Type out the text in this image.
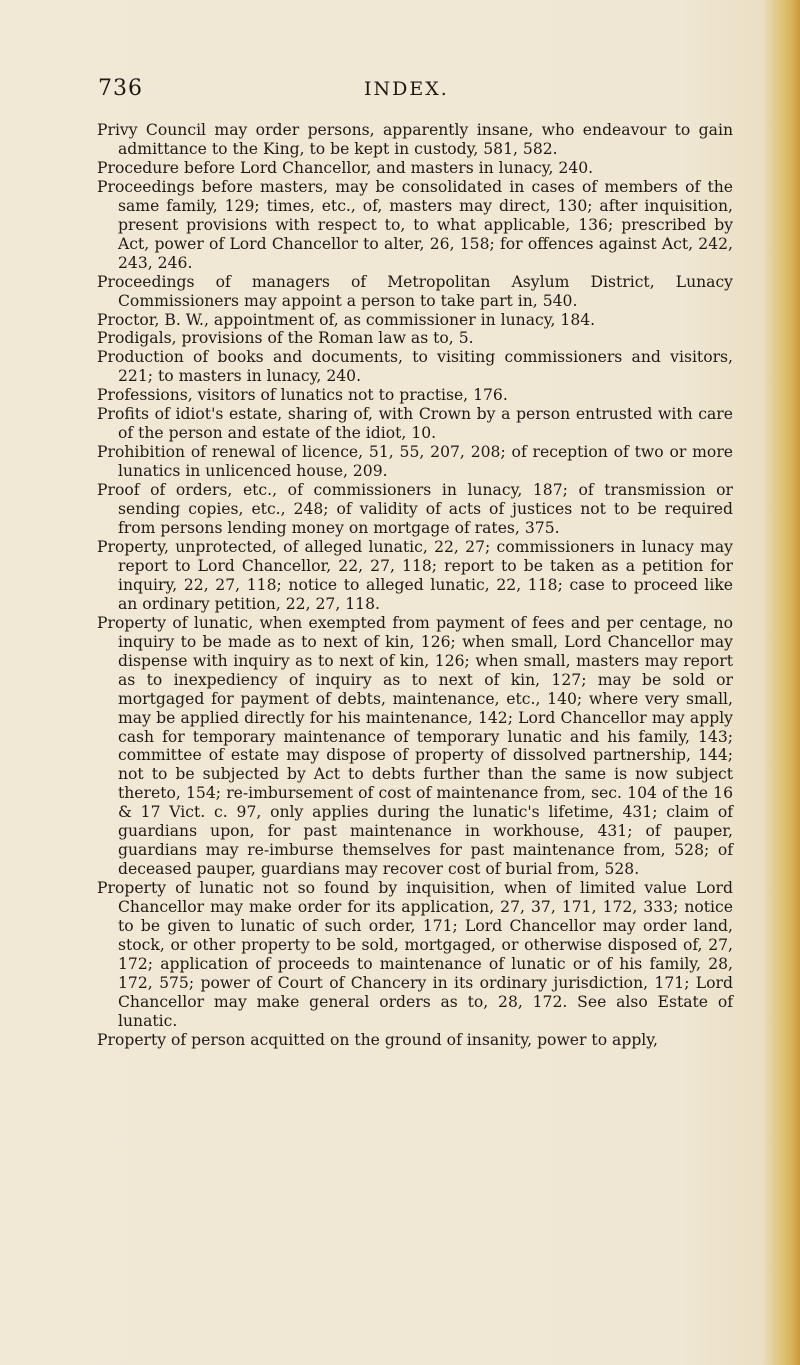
736	INDEX.

Privy Council may order persons, apparently insane, who endeavour to gain admittance to the King, to be kept in custody, 581, 582.

Procedure before Lord Chancellor, and masters in lunacy, 240.

Proceedings before masters, may be consolidated in cases of members of the same family, 129; times, etc., of, masters may direct, 130; after inquisition, present provisions with respect to, to what applicable, 136; prescribed by Act, power of Lord Chancellor to alter, 26, 158; for offences against Act, 242, 243, 246.

Proceedings of managers of Metropolitan Asylum District, Lunacy Commissioners may appoint a person to take part in, 540.

Proctor, B. W., appointment of, as commissioner in lunacy, 184.

Prodigals, provisions of the Roman law as to, 5.

Production of books and documents, to visiting commissioners and visitors, 221; to masters in lunacy, 240.

Professions, visitors of lunatics not to practise, 176.

Profits of idiot's estate, sharing of, with Crown by a person entrusted with care of the person and estate of the idiot, 10.

Prohibition of renewal of licence, 51, 55, 207, 208; of reception of two or more lunatics in unlicenced house, 209.

Proof of orders, etc., of commissioners in lunacy, 187; of transmission or sending copies, etc., 248; of validity of acts of justices not to be required from persons lending money on mortgage of rates, 375.

Property, unprotected, of alleged lunatic, 22, 27; commissioners in lunacy may report to Lord Chancellor, 22, 27, 118; report to be taken as a petition for inquiry, 22, 27, 118; notice to alleged lunatic, 22, 118; case to proceed like an ordinary petition, 22, 27, 118.

Property of lunatic, when exempted from payment of fees and per centage, no inquiry to be made as to next of kin, 126; when small, Lord Chancellor may dispense with inquiry as to next of kin, 126; when small, masters may report as to inexpediency of inquiry as to next of kin, 127; may be sold or mortgaged for payment of debts, maintenance, etc., 140; where very small, may be applied directly for his maintenance, 142; Lord Chancellor may apply cash for temporary maintenance of temporary lunatic and his family, 143; committee of estate may dispose of property of dissolved partnership, 144; not to be subjected by Act to debts further than the same is now subject thereto, 154; re-imbursement of cost of maintenance from, sec. 104 of the 16 & 17 Vict. c. 97, only applies during the lunatic's lifetime, 431; claim of guardians upon, for past maintenance in workhouse, 431; of pauper, guardians may re-imburse themselves for past maintenance from, 528; of deceased pauper, guardians may recover cost of burial from, 528.

Property of lunatic not so found by inquisition, when of limited value Lord Chancellor may make order for its application, 27, 37, 171, 172, 333; notice to be given to lunatic of such order, 171; Lord Chancellor may order land, stock, or other property to be sold, mortgaged, or otherwise disposed of, 27, 172; application of proceeds to maintenance of lunatic or of his family, 28, 172, 575; power of Court of Chancery in its ordinary jurisdiction, 171; Lord Chancellor may make general orders as to, 28, 172. See also Estate of lunatic.

Property of person acquitted on the ground of insanity, power to apply,
